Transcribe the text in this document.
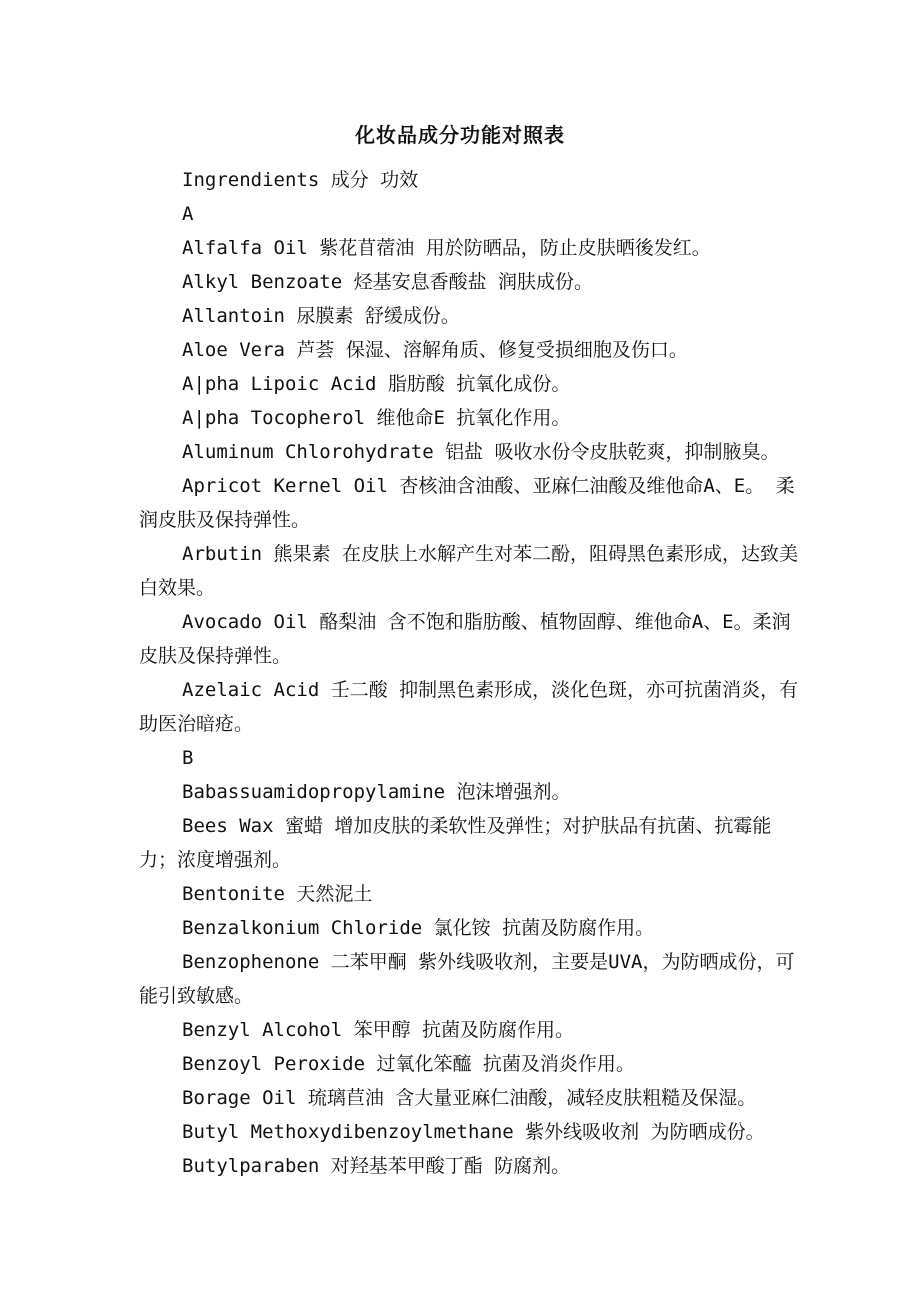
化妆品成分功能对照表

Ingrendients 成分 功效

A

Alfalfa Oil 紫花苜蓿油 用於防晒品，防止皮肤晒後发红。

Alkyl Benzoate 烃基安息香酸盐 润肤成份。

Allantoin 尿膜素 舒缓成份。

Aloe Vera 芦荟 保湿、溶解角质、修复受损细胞及伤口。

A|pha Lipoic Acid 脂肪酸 抗氧化成份。

A|pha Tocopherol 维他命E 抗氧化作用。

Aluminum Chlorohydrate 铝盐 吸收水份令皮肤乾爽，抑制腋臭。

Apricot Kernel Oil 杏核油含油酸、亚麻仁油酸及维他命A、E。 柔润皮肤及保持弹性。

Arbutin 熊果素 在皮肤上水解产生对苯二酚，阻碍黑色素形成，达致美白效果。

Avocado Oil 酪梨油 含不饱和脂肪酸、植物固醇、维他命A、E。柔润皮肤及保持弹性。

Azelaic Acid 壬二酸 抑制黑色素形成，淡化色斑，亦可抗菌消炎，有助医治暗疮。

B

Babassuamidopropylamine 泡沫增强剂。

Bees Wax 蜜蜡 增加皮肤的柔软性及弹性；对护肤品有抗菌、抗霉能力；浓度增强剂。

Bentonite 天然泥土

Benzalkonium Chloride 氯化铵 抗菌及防腐作用。

Benzophenone 二苯甲酮 紫外线吸收剂，主要是UVA，为防晒成份，可能引致敏感。

Benzyl Alcohol 笨甲醇 抗菌及防腐作用。

Benzoyl Peroxide 过氧化笨醯 抗菌及消炎作用。

Borage Oil 琉璃苣油 含大量亚麻仁油酸，减轻皮肤粗糙及保湿。

Butyl Methoxydibenzoylmethane 紫外线吸收剂 为防晒成份。

Butylparaben 对羟基苯甲酸丁酯 防腐剂。
